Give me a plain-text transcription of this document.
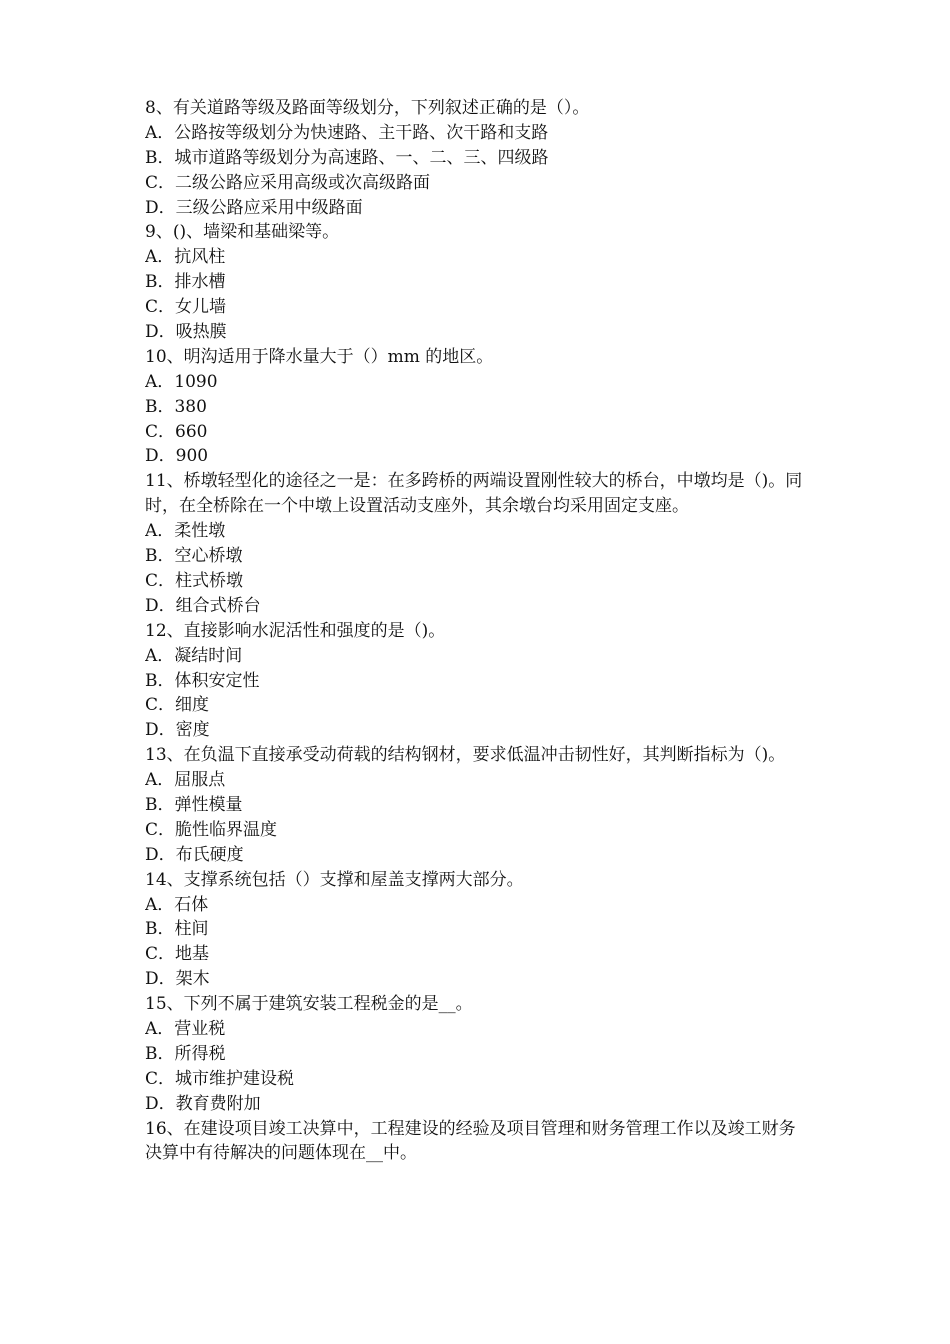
8、有关道路等级及路面等级划分，下列叙述正确的是（）。
A．公路按等级划分为快速路、主干路、次干路和支路
B．城市道路等级划分为高速路、一、二、三、四级路
C．二级公路应采用高级或次高级路面
D．三级公路应采用中级路面
9、()、墙梁和基础梁等。
A．抗风柱
B．排水槽
C．女儿墙
D．吸热膜
10、明沟适用于降水量大于（）mm 的地区。
A．1090
B．380
C．660
D．900
11、桥墩轻型化的途径之一是：在多跨桥的两端设置刚性较大的桥台，中墩均是（)。同时，在全桥除在一个中墩上设置活动支座外，其余墩台均采用固定支座。
A．柔性墩
B．空心桥墩
C．柱式桥墩
D．组合式桥台
12、直接影响水泥活性和强度的是（)。
A．凝结时间
B．体积安定性
C．细度
D．密度
13、在负温下直接承受动荷载的结构钢材，要求低温冲击韧性好，其判断指标为（)。
A．屈服点
B．弹性模量
C．脆性临界温度
D．布氏硬度
14、支撑系统包括（）支撑和屋盖支撑两大部分。
A．石体
B．柱间
C．地基
D．架木
15、下列不属于建筑安装工程税金的是__。
A．营业税
B．所得税
C．城市维护建设税
D．教育费附加
16、在建设项目竣工决算中，工程建设的经验及项目管理和财务管理工作以及竣工财务决算中有待解决的问题体现在__中。
